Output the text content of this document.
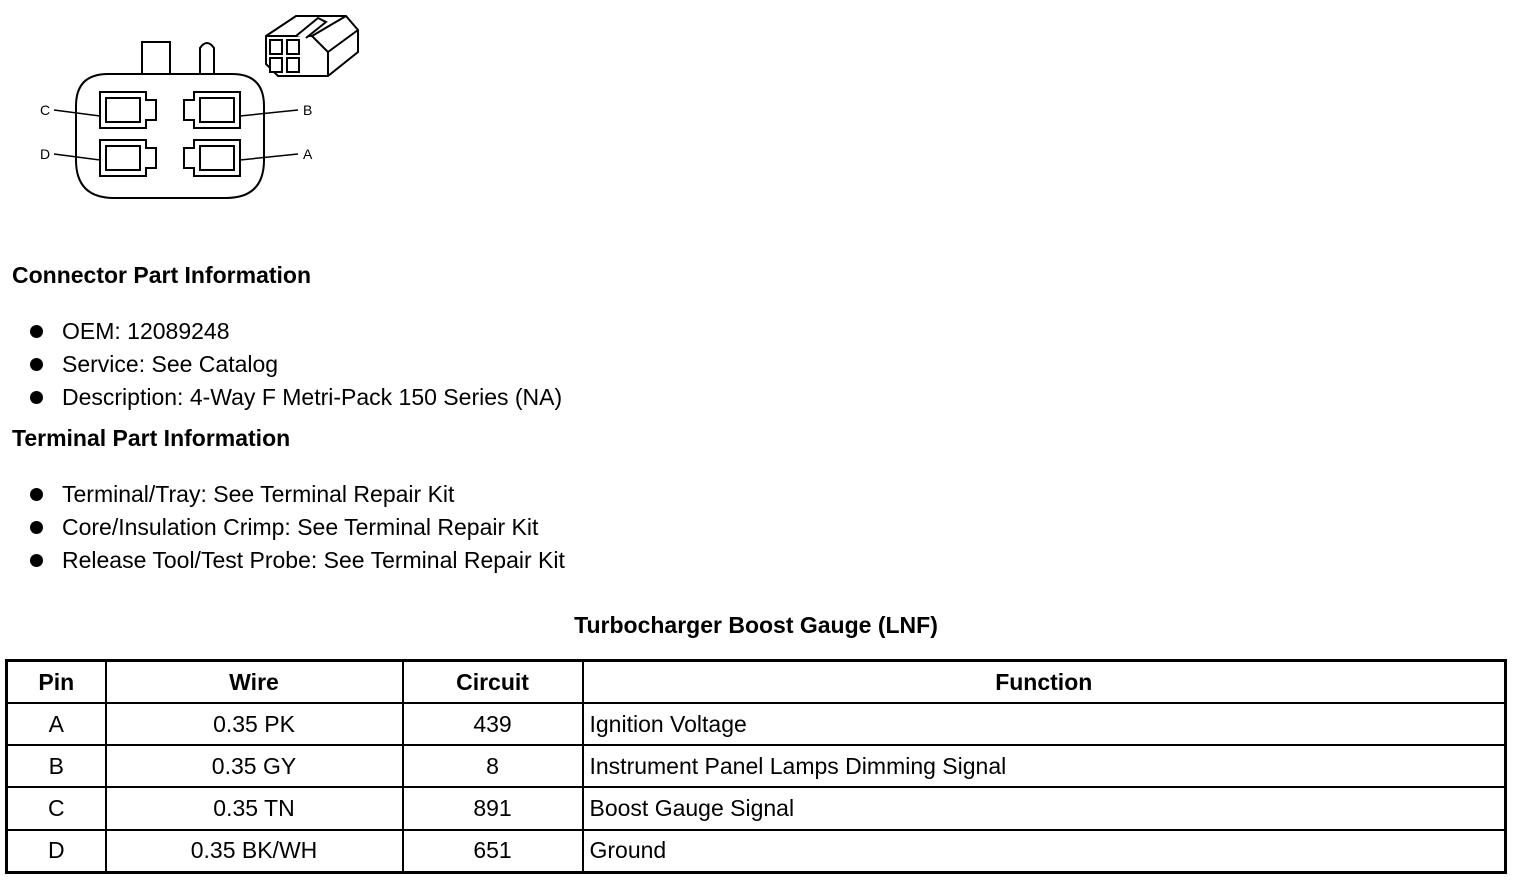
C
D
B
A
Connector Part Information
OEM: 12089248
Service: See Catalog
Description: 4-Way F Metri-Pack 150 Series (NA)
Terminal Part Information
Terminal/Tray: See Terminal Repair Kit
Core/Insulation Crimp: See Terminal Repair Kit
Release Tool/Test Probe: See Terminal Repair Kit
Turbocharger Boost Gauge (LNF)
Pin	Wire	Circuit	Function
A	0.35 PK	439	Ignition Voltage
B	0.35 GY	8	Instrument Panel Lamps Dimming Signal
C	0.35 TN	891	Boost Gauge Signal
D	0.35 BK/WH	651	Ground
